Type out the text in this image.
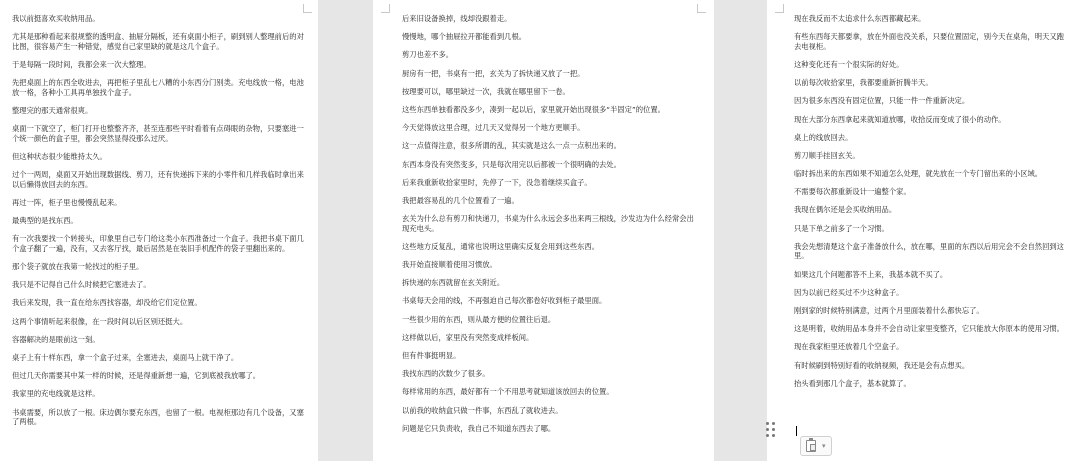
我以前挺喜欢买收纳用品。

尤其是那种看起来很规整的透明盒、抽屉分隔板，还有桌面小柜子，刷到别人整理前后的对比图，很容易产生一种错觉，感觉自己家里缺的就是这几个盒子。

于是每隔一段时间，我都会来一次大整理。

先把桌面上的东西全收进去，再把柜子里乱七八糟的小东西分门别类。充电线放一格，电池放一格，各种小工具再单独找个盒子。

整理完的那天通常很爽。

桌面一下就空了，柜门打开也整整齐齐，甚至连那些平时看着有点碍眼的杂物，只要塞进一个统一颜色的盒子里，都会突然显得没那么过厌。

但这种状态很少能维持太久。

过个一两周，桌面又开始出现数据线、剪刀，还有快递拆下来的小零件和几样我临时拿出来以后懒得放回去的东西。

再过一阵，柜子里也慢慢乱起来。

最典型的是找东西。

有一次我要找一个转接头，印象里自己专门给这类小东西准备过一个盒子。我把书桌下面几个盒子翻了一遍，没有，又去客厅找，最后居然是在装旧手机配件的袋子里翻出来的。

那个袋子就放在我第一轮找过的柜子里。

我只是不记得自己什么时候把它塞进去了。

我后来发现，我一直在给东西找容器，却没给它们定位置。

这两个事情听起来很像，在一段时间以后区别还挺大。

容器解决的是眼前这一刻。

桌子上有十样东西，拿一个盒子过来，全塞进去，桌面马上就干净了。

但过几天你需要其中某一样的时候，还是得重新想一遍，它到底被我放哪了。

我家里的充电线就是这样。

书桌需要，所以放了一根。床边偶尔要充东西，也留了一根。电视柜那边有几个设备，又塞了两根。

后来旧设备换掉，线却没跟着走。

慢慢地，哪个抽屉拉开都能看到几根。

剪刀也差不多。

厨房有一把，书桌有一把，玄关为了拆快递又放了一把。

按理要可以，哪里缺过一次，我就在哪里留下一卷。

这些东西单独看都没多少，凑到一起以后，家里就开始出现很多“半固定”的位置。

今天觉得放这里合理，过几天又觉得另一个地方更顺手。

这一点值得注意，很多所谓的乱，其实就是这么一点一点积出来的。

东西本身没有突然变多，只是每次用完以后都被一个很明确的去处。

后来我重新收拾家里时，先停了一下，没急着继续买盒子。

我把最容易乱的几个位置看了一遍。

玄关为什么总有剪刀和快递刀，书桌为什么永远会多出来两三根线，沙发边为什么经常会出现充电头。

这些地方反复乱，通常也说明这里确实反复会用到这些东西。

我开始直接顺着使用习惯放。

拆快递的东西就留在玄关附近。

书桌每天会用的线，不再强迫自己每次都卷好收到柜子最里面。

一些很少用的东西，则从最方便的位置往后退。

这样做以后，家里没有突然变成样板间。

但有件事挺明显。

我找东西的次数少了很多。

每样常用的东西，最好都有一个不用思考就知道该放回去的位置。

以前我的收纳盒只做一件事，东西乱了就收进去。

问题是它只负责收，我自己不知道东西去了哪。

现在我反而不太追求什么东西都藏起来。

有些东西每天都要拿，放在外面也没关系，只要位置固定，别今天在桌角，明天又跑去电视柜。

这种变化还有一个很实际的好处。

以前每次收拾家里，我都要重新折腾半天。

因为很多东西没有固定位置，只能一件一件重新决定。

现在大部分东西拿起来就知道放哪，收拾反而变成了很小的动作。

桌上的线放回去。

剪刀顺手挂回玄关。

临时拆出来的东西如果不知道怎么处理，就先放在一个专门留出来的小区域。

不需要每次都重新设计一遍整个家。

我现在偶尔还是会买收纳用品。

只是下单之前多了一个习惯。

我会先想清楚这个盒子准备放什么，放在哪，里面的东西以后用完会不会自然回到这里。

如果这几个问题都答不上来，我基本就不买了。

因为以前已经买过不少这种盒子。

刚到家的时候特别满意，过两个月里面装着什么都快忘了。

这是明着，收纳用品本身并不会自动让家里变整齐，它只能放大你原本的使用习惯。

现在我家柜里还放着几个空盒子。

有时候刷到特别好看的收纳视频，我还是会有点想买。

抬头看到那几个盒子，基本就算了。

▾
